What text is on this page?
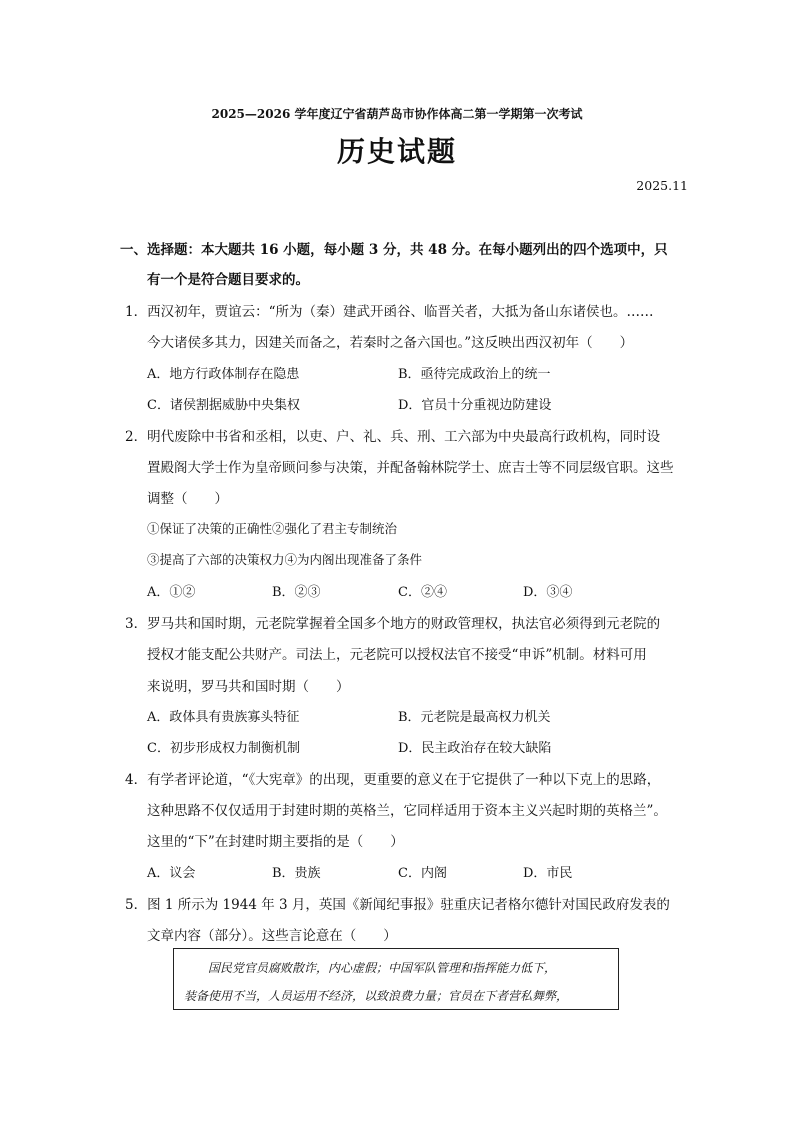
2025—2026 学年度辽宁省葫芦岛市协作体高二第一学期第一次考试
历史试题
2025.11
一、选择题：本大题共 16 小题，每小题 3 分，共 48 分。在每小题列出的四个选项中，只
有一个是符合题目要求的。
1．西汉初年，贾谊云：“所为（秦）建武开函谷、临晋关者，大抵为备山东诸侯也。……
今大诸侯多其力，因建关而备之，若秦时之备六国也。”这反映出西汉初年（　　）
A．地方行政体制存在隐患	B．亟待完成政治上的统一
C．诸侯割据威胁中央集权	D．官员十分重视边防建设
2．明代废除中书省和丞相，以吏、户、礼、兵、刑、工六部为中央最高行政机构，同时设
置殿阁大学士作为皇帝顾问参与决策，并配备翰林院学士、庶吉士等不同层级官职。这些
调整（　　）
①保证了决策的正确性②强化了君主专制统治
③提高了六部的决策权力④为内阁出现准备了条件
A．①②	B．②③	C．②④	D．③④
3．罗马共和国时期，元老院掌握着全国多个地方的财政管理权，执法官必须得到元老院的
授权才能支配公共财产。司法上，元老院可以授权法官不接受“申诉”机制。材料可用
来说明，罗马共和国时期（　　）
A．政体具有贵族寡头特征	B．元老院是最高权力机关
C．初步形成权力制衡机制	D．民主政治存在较大缺陷
4．有学者评论道，“《大宪章》的出现，更重要的意义在于它提供了一种以下克上的思路，
这种思路不仅仅适用于封建时期的英格兰，它同样适用于资本主义兴起时期的英格兰”。
这里的“下”在封建时期主要指的是（　　）
A．议会	B．贵族	C．内阁	D．市民
5．图 1 所示为 1944 年 3 月，英国《新闻纪事报》驻重庆记者格尔德针对国民政府发表的
文章内容（部分）。这些言论意在（　　）
国民党官员腐败散诈，内心虚假；中国军队管理和指挥能力低下，
装备使用不当，人员运用不经济，以致浪费力量；官员在下者营私舞弊，
